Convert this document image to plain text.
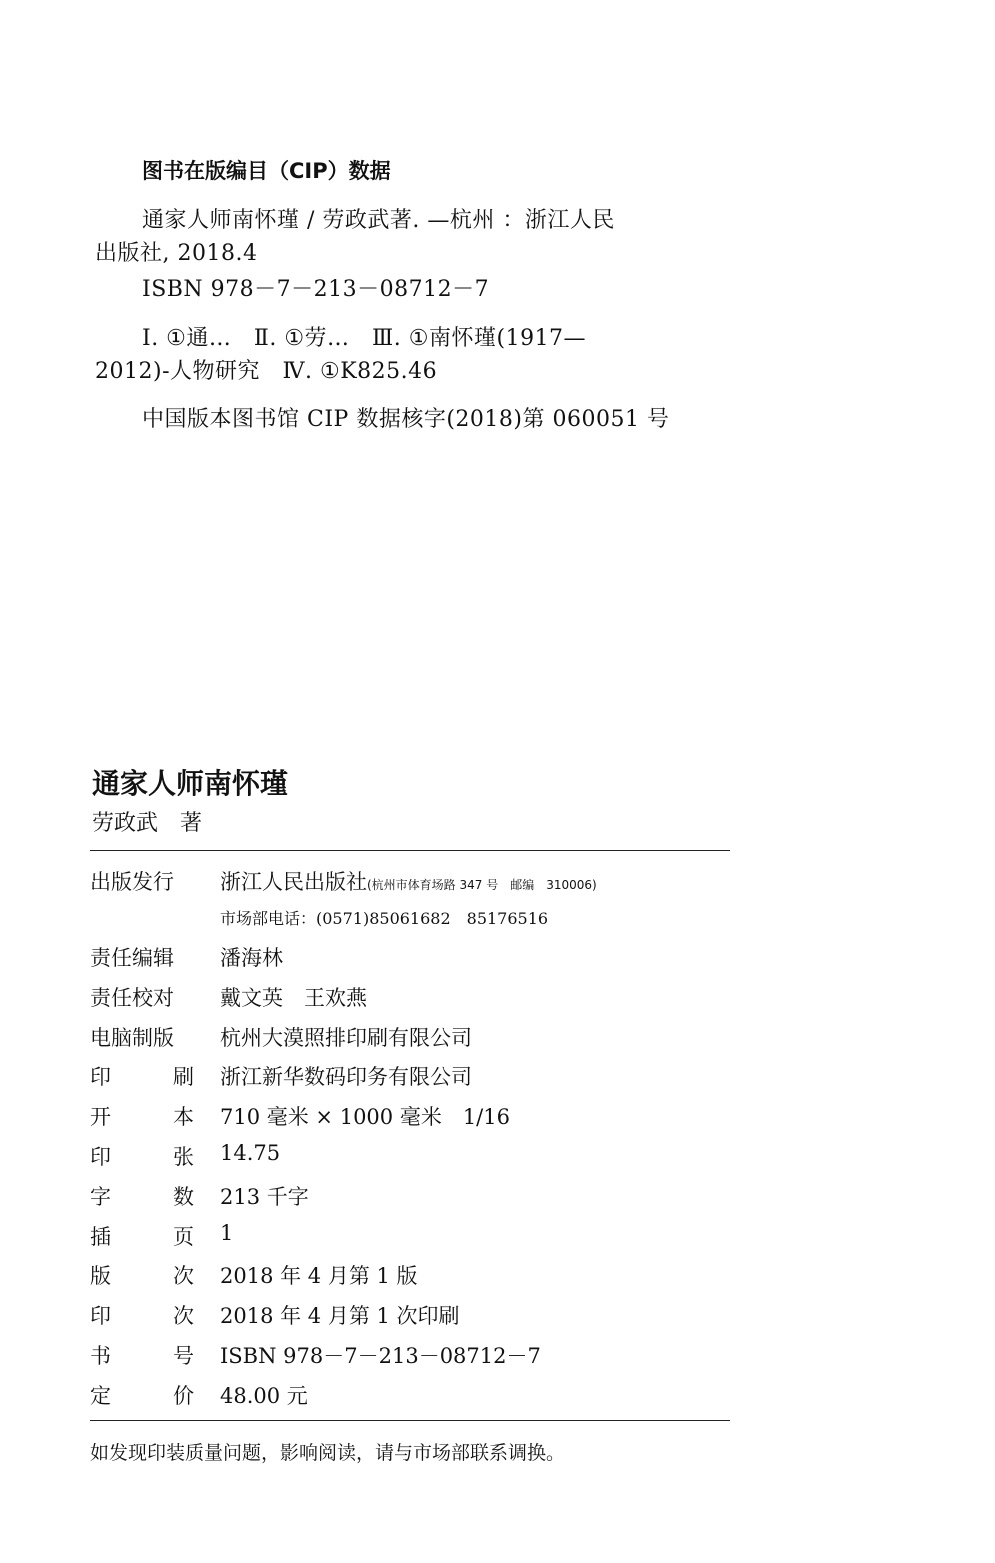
图书在版编目（CIP）数据
通家人师南怀瑾 / 劳政武著. —杭州 ：浙江人民
出版社, 2018.4
ISBN 978－7－213－08712－7
Ⅰ. ①通…　Ⅱ. ①劳…　Ⅲ. ①南怀瑾(1917—
2012)-人物研究　Ⅳ. ①K825.46
中国版本图书馆 CIP 数据核字(2018)第 060051 号
通家人师南怀瑾
劳政武　著
出版发行 浙江人民出版社(杭州市体育场路 347 号　邮编　310006)
市场部电话：(0571)85061682　85176516
责任编辑 潘海林
责任校对 戴文英　王欢燕
电脑制版 杭州大漠照排印刷有限公司
印	刷 浙江新华数码印务有限公司
开	本 710 毫米 × 1000 毫米　1/16
印	张 14.75
字	数 213 千字
插	页 1
版	次 2018 年 4 月第 1 版
印	次 2018 年 4 月第 1 次印刷
书	号 ISBN 978－7－213－08712－7
定	价 48.00 元
如发现印装质量问题，影响阅读，请与市场部联系调换。
